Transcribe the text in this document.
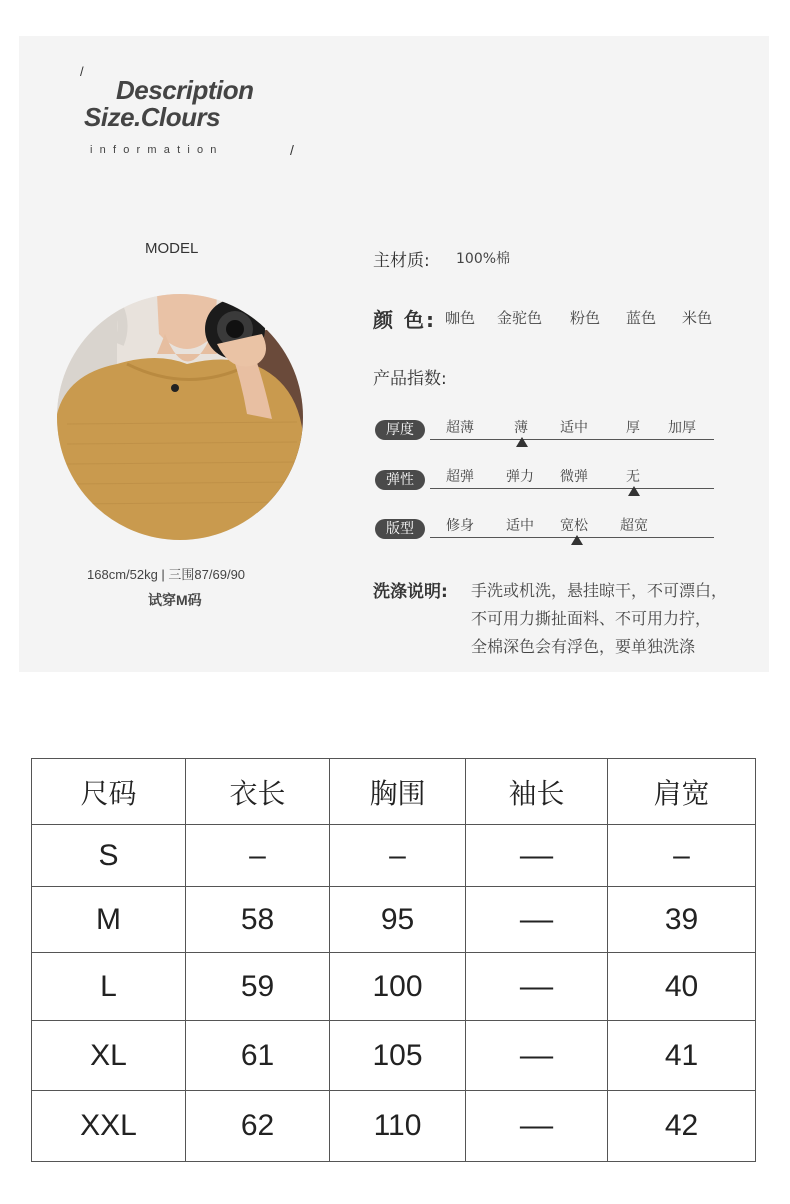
/
Description
Size.Clours
information	/
MODEL
168cm/52kg | 三围87/69/90
试穿M码
主材质: 100%棉
颜 色: 咖色 金驼色 粉色 蓝色 米色
产品指数:
厚度	超薄	薄 适中	厚 加厚
弹性	超弹 弹力 微弹	无
版型	修身 适中 宽松 超宽
洗涤说明: 手洗或机洗，悬挂晾干，不可漂白，
不可用力撕扯面料、不可用力拧，
全棉深色会有浮色，要单独洗涤
尺码	衣长	胸围	袖长	肩宽
S	–	–	––	–
M	58	95	––	39
L	59	100	––	40
XL	61	105	––	41
XXL	62	110	––	42
